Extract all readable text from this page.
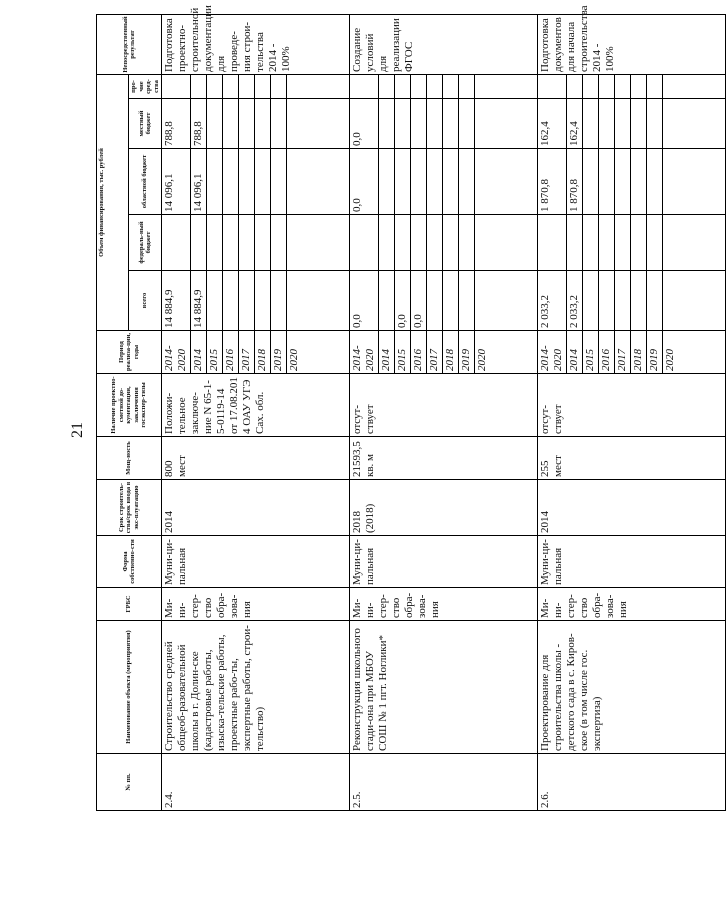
21
№ пп.	Наименование объекта (мероприятия)	ГРБС	Форма собственно-сти	Срок строитель-ства/срок ввода в экс-плуатацию	Мощ-ность	Наличие проектно-сметной до-кументации, заключения госэкспер-тизы	Период реализа-ции, годы	Объем финансирования, тыс. рублей					Непосредственный результат
								всего	федераль-ный бюджет	областной бюджет	местный бюджет	про-чие сред-ства	
2.4.	Строительство средней общеоб-разовательной школы в г. Долин-ске (кадастровые работы, изыска-тельские работы, проектные рабо-ты, экспертные работы, строи-тельство)	Ми-ни-стер-ство обра-зова-ния	Муни-ци-пальная	2014	800 мест	Положи-тельное заключе-ние N 65-1-5-0119-14 от 17.08.201 4 ОАУ УГЭ Сах. обл.	2014-2020	14 884,9		14 096,1	788,8		Подготовка проектно-строительной документации для проведе-ния строи-тельства 2014 - 100%
							2014	14 884,9		14 096,1	788,8		
							2015						
							2016						
							2017						
							2018						
							2019						
							2020						
2.5.	Реконструкция школьного стади-она при МБОУ СОШ № 1 пгт. Ноглики*	Ми-ни-стер-ство обра-зова-ния	Муни-ци-пальная	2018 (2018)	21593,5 кв. м	отсут-ствует	2014-2020	0,0		0,0	0,0		Создание условий для реализации ФГОС
							2014						
							2015	0,0					
							2016	0,0					
							2017						
							2018						
							2019						
							2020						
2.6.	Проектирование для строительства школы - детского сада в с. Киров-ское (в том числе гос. экспертиза)	Ми-ни-стер-ство обра-зова-ния	Муни-ци-пальная	2014	255 мест	отсут-ствует	2014-2020	2 033,2		1 870,8	162,4		Подготовка документов для начала строительства 2014 - 100%
							2014	2 033,2		1 870,8	162,4		
							2015						
							2016						
							2017						
							2018						
							2019						
							2020						
